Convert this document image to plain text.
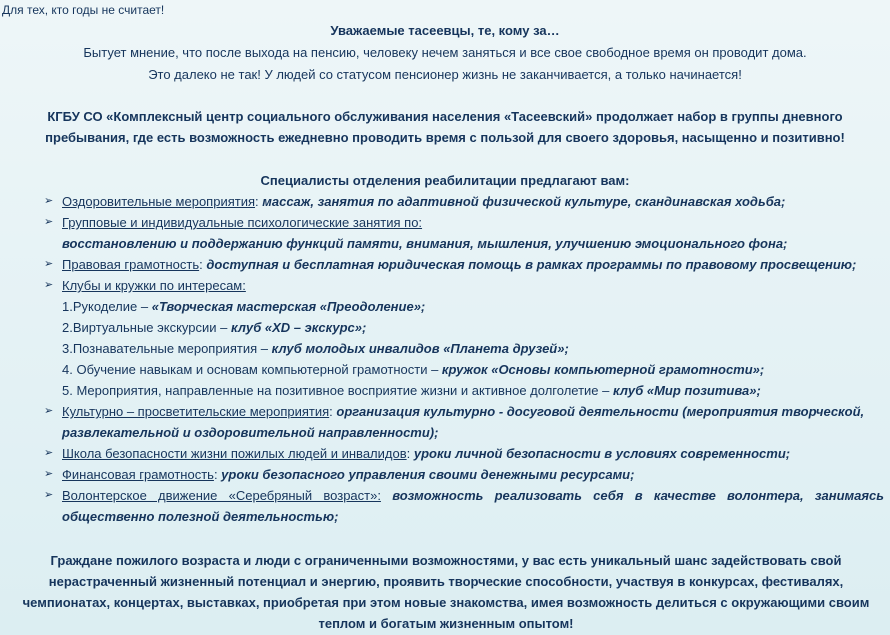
Для тех, кто годы не считает!
Уважаемые тасеевцы, те, кому за…
Бытует мнение, что после выхода на пенсию, человеку нечем заняться и все свое свободное время он проводит дома.
Это далеко не так! У людей со статусом пенсионер жизнь не заканчивается, а только начинается!
КГБУ СО «Комплексный центр социального обслуживания населения «Тасеевский» продолжает набор в группы дневного пребывания, где есть возможность ежедневно проводить время с пользой для своего здоровья, насыщенно и позитивно!
Специалисты отделения реабилитации предлагают вам:
➢ Оздоровительные мероприятия: массаж, занятия по адаптивной физической культуре, скандинавская ходьба;
➢ Групповые и индивидуальные психологические занятия по:
восстановлению и поддержанию функций памяти, внимания, мышления, улучшению эмоционального фона;
➢ Правовая грамотность: доступная и бесплатная юридическая помощь в рамках программы по правовому просвещению;
➢ Клубы и кружки по интересам:
1.Рукоделие – «Творческая мастерская «Преодоление»;
2.Виртуальные экскурсии – клуб «XD – экскурс»;
3.Познавательные мероприятия – клуб молодых инвалидов «Планета друзей»;
4. Обучение навыкам и основам компьютерной грамотности – кружок «Основы компьютерной грамотности»;
5. Мероприятия, направленные на позитивное восприятие жизни и активное долголетие – клуб «Мир позитива»;
➢ Культурно – просветительские мероприятия: организация культурно - досуговой деятельности (мероприятия творческой, развлекательной и оздоровительной направленности);
➢ Школа безопасности жизни пожилых людей и инвалидов: уроки личной безопасности в условиях современности;
➢ Финансовая грамотность: уроки безопасного управления своими денежными ресурсами;
➢ Волонтерское движение «Серебряный возраст»: возможность реализовать себя в качестве волонтера, занимаясь общественно полезной деятельностью;
Граждане пожилого возраста и люди с ограниченными возможностями, у вас есть уникальный шанс задействовать свой нерастраченный жизненный потенциал и энергию, проявить творческие способности, участвуя в конкурсах, фестивалях, чемпионатах, концертах, выставках, приобретая при этом новые знакомства, имея возможность делиться с окружающими своим теплом и богатым жизненным опытом!
